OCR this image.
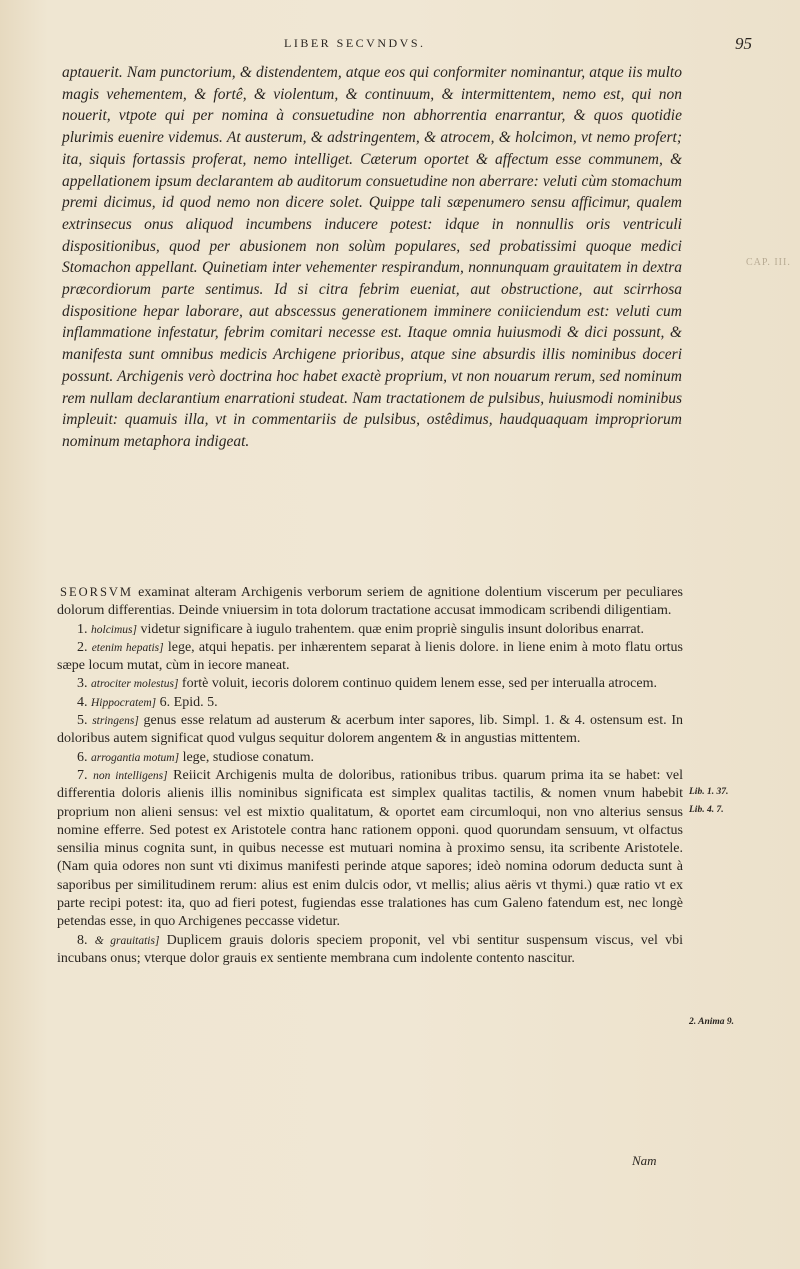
LIBER SECVNDVS.	95
aptauerit. Nam punctorium, & distendentem, atque eos qui conformiter nominantur, atque iis multo magis vehementem, & fortê, & violentum, & continuum, & intermittentem, nemo est, qui non nouerit, vtpote qui per nomina à consuetudine non abhorrentia enarrantur, & quos quotidie plurimis euenire videmus. At austerum, & adstringentem, & atrocem, & holcimon, vt nemo profert; ita, siquis fortassis proferat, nemo intelliget. Cæterum oportet & affectum esse communem, & appellationem ipsum declarantem ab auditorum consuetudine non aberrare: veluti cùm stomachum premi dicimus, id quod nemo non dicere solet. Quippe tali sæpenumero sensu afficimur, qualem extrinsecus onus aliquod incumbens inducere potest: idque in nonnullis oris ventriculi dispositionibus, quod per abusionem non solùm populares, sed probatissimi quoque medici Stomachon appellant. Quinetiam inter vehementer respirandum, nonnunquam grauitatem in dextra præcordiorum parte sentimus. Id si citra febrim eueniat, aut obstructione, aut scirrhosa dispositione hepar laborare, aut abscessus generationem imminere coniiciendum est: veluti cum inflammatione infestatur, febrim comitari necesse est. Itaque omnia huiusmodi & dici possunt, & manifesta sunt omnibus medicis Archigene prioribus, atque sine absurdis illis nominibus doceri possunt. Archigenis verò doctrina hoc habet exactè proprium, vt non nouarum rerum, sed nominum rem nullam declarantium enarrationi studeat. Nam tractationem de pulsibus, huiusmodi nominibus impleuit: quamuis illa, vt in commentariis de pulsibus, ostêdimus, haudquaquam impropriorum nominum metaphora indigeat.
CAP. III.

SEORSVM examinat alteram Archigenis verborum seriem de agnitione dolentium viscerum per peculiares dolorum differentias. Deinde vniuersim in tota dolorum tractatione accusat immodicam scribendi diligentiam.

1. holcimus] videtur significare à iugulo trahentem. quæ enim propriè singulis insunt doloribus enarrat.

2. etenim hepatis] lege, atqui hepatis. per inhærentem separat à lienis dolore. in liene enim à moto flatu ortus sæpe locum mutat, cùm in iecore maneat.

3. atrociter molestus] fortè voluit, iecoris dolorem continuo quidem lenem esse, sed per interualla atrocem.

4. Hippocratem] 6. Epid. 5.

5. stringens] genus esse relatum ad austerum & acerbum inter sapores, lib. Simpl. 1. & 4. ostensum est. In doloribus autem significat quod vulgus sequitur dolorem angentem & in angustias mittentem.

6. arrogantia motum] lege, studiose conatum.

7. non intelligens] Reiicit Archigenis multa de doloribus, rationibus tribus. quarum prima ita se habet: vel differentia doloris alienis illis nominibus significata est simplex qualitas tactilis, & nomen vnum habebit proprium non alieni sensus: vel est mixtio qualitatum, & oportet eam circumloqui, non vno alterius sensus nomine efferre. Sed potest ex Aristotele contra hanc rationem opponi. quod quorundam sensuum, vt olfactus sensilia minus cognita sunt, in quibus necesse est mutuari nomina à proximo sensu, ita scribente Aristotele. (Nam quia odores non sunt vti diximus manifesti perinde atque sapores; ideò nomina odorum deducta sunt à saporibus per similitudinem rerum: alius est enim dulcis odor, vt mellis; alius aëris vt thymi.) quæ ratio vt ex parte recipi potest: ita, quo ad fieri potest, fugiendas esse tralationes has cum Galeno fatendum est, nec longè petendas esse, in quo Archigenes peccasse videtur.

8. & grauitatis] Duplicem grauis doloris speciem proponit, vel vbi sentitur suspensum viscus, vel vbi incubans onus; vterque dolor grauis ex sentiente membrana cum indolente contento nascitur.

Lib. 1. 37.
Lib. 4. 7.
2. Anima 9.
Nam
